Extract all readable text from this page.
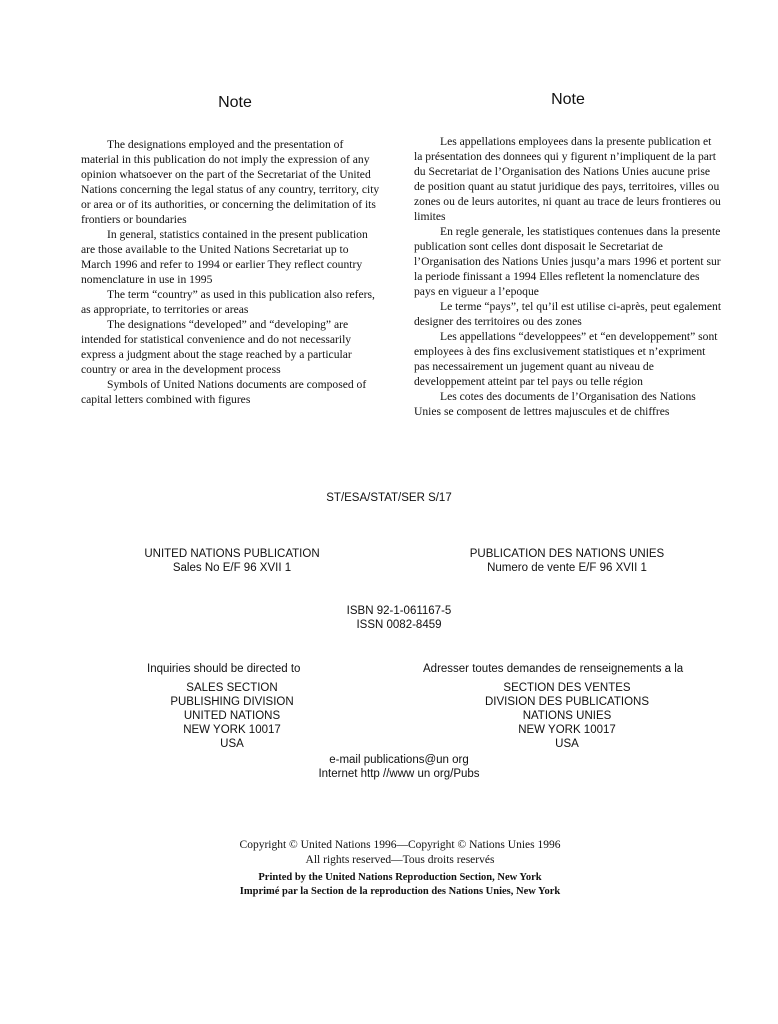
Note	Note

The designations employed and the presentation of material in this publication do not imply the expression of any opinion whatsoever on the part of the Secretariat of the United Nations concerning the legal status of any country, territory, city or area or of its authorities, or concerning the delimitation of its frontiers or boundaries

In general, statistics contained in the present publication are those available to the United Nations Secretariat up to March 1996 and refer to 1994 or earlier They reflect country nomenclature in use in 1995

The term “country” as used in this publication also refers, as appropriate, to territories or areas

The designations “developed” and “developing” are intended for statistical convenience and do not necessarily express a judgment about the stage reached by a particular country or area in the development process

Symbols of United Nations documents are composed of capital letters combined with figures

Les appellations employees dans la presente publication et la présentation des donnees qui y figurent n’impliquent de la part du Secretariat de l’Organisation des Nations Unies aucune prise de position quant au statut juridique des pays, territoires, villes ou zones ou de leurs autorites, ni quant au trace de leurs frontieres ou limites

En regle generale, les statistiques contenues dans la presente publication sont celles dont disposait le Secretariat de l’Organisation des Nations Unies jusqu’a mars 1996 et portent sur la periode finissant a 1994 Elles refletent la nomenclature des pays en vigueur a l’epoque

Le terme “pays”, tel qu’il est utilise ci-après, peut egalement designer des territoires ou des zones

Les appellations “developpees” et “en developpement” sont employees à des fins exclusivement statistiques et n’expriment pas necessairement un jugement quant au niveau de developpement atteint par tel pays ou telle région

Les cotes des documents de l’Organisation des Nations Unies se composent de lettres majuscules et de chiffres

ST/ESA/STAT/SER S/17
UNITED NATIONS PUBLICATION
Sales No E/F 96 XVII 1
PUBLICATION DES NATIONS UNIES
Numero de vente E/F 96 XVII 1
ISBN 92-1-061167-5
ISSN 0082-8459
Inquiries should be directed to	Adresser toutes demandes de renseignements a la
SALES SECTION
PUBLISHING DIVISION
UNITED NATIONS
NEW YORK 10017
USA
SECTION DES VENTES
DIVISION DES PUBLICATIONS
NATIONS UNIES
NEW YORK 10017
USA
e-mail publications@un org
Internet http //www un org/Pubs
Copyright © United Nations 1996—Copyright © Nations Unies 1996
All rights reserved—Tous droits reservés
Printed by the United Nations Reproduction Section, New York
Imprimé par la Section de la reproduction des Nations Unies, New York
